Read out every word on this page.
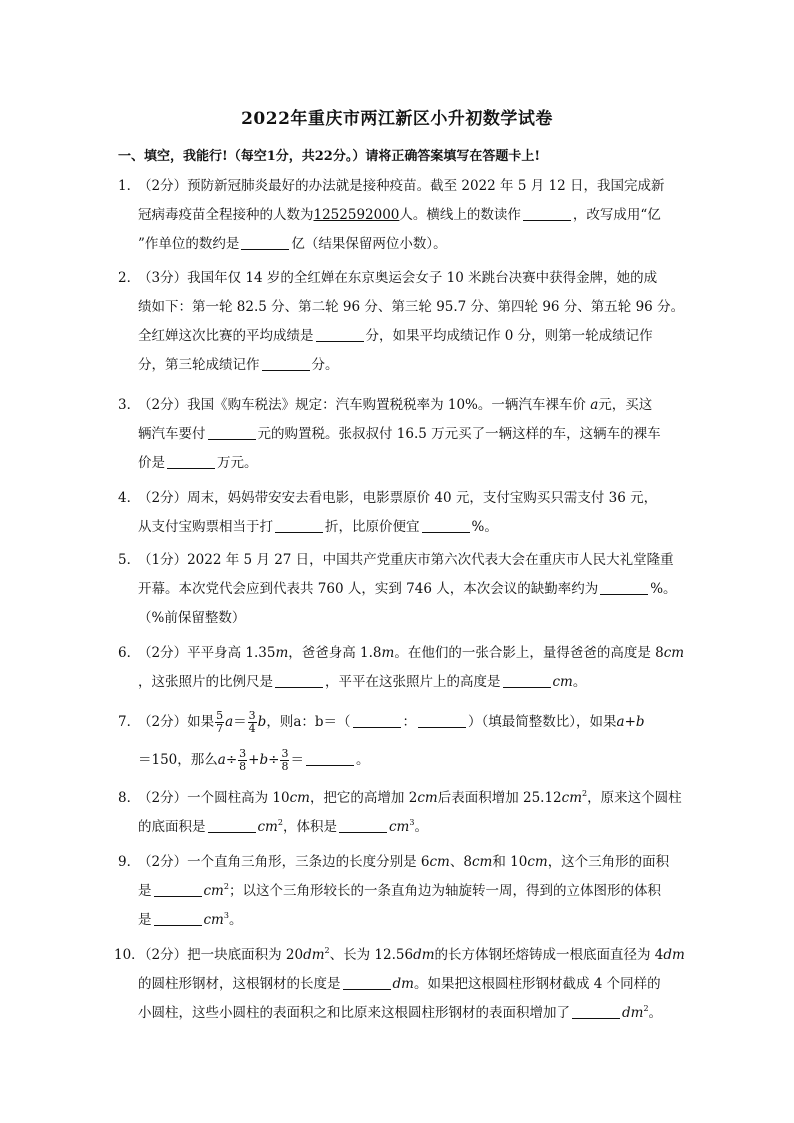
2022年重庆市两江新区小升初数学试卷
一、填空，我能行!（每空1分，共22分。）请将正确答案填写在答题卡上!
1．
（2分）预防新冠肺炎最好的办法就是接种疫苗。截至 2022 年 5 月 12 日，我国完成新
冠病毒疫苗全程接种的人数为1252592000人。横线上的数读作	，改写成用“亿
”作单位的数约是	亿（结果保留两位小数）。
2．
（3分）我国年仅 14 岁的全红婵在东京奥运会女子 10 米跳台决赛中获得金牌，她的成
绩如下：第一轮 82.5 分、第二轮 96 分、第三轮 95.7 分、第四轮 96 分、第五轮 96 分。
全红婵这次比赛的平均成绩是	分，如果平均成绩记作 0 分，则第一轮成绩记作
分，第三轮成绩记作	分。
3．
（2分）我国《购车税法》规定：汽车购置税税率为 10%。一辆汽车裸车价 a元，买这
辆汽车要付	元的购置税。张叔叔付 16.5 万元买了一辆这样的车，这辆车的裸车
价是	万元。
4．
（2分）周末，妈妈带安安去看电影，电影票原价 40 元，支付宝购买只需支付 36 元，
从支付宝购票相当于打	折，比原价便宜	%。
5．
（1分）2022 年 5 月 27 日，中国共产党重庆市第六次代表大会在重庆市人民大礼堂隆重
开幕。本次党代会应到代表共 760 人，实到 746 人，本次会议的缺勤率约为	%。
（%前保留整数）
6．
（2分）平平身高 1.35m，爸爸身高 1.8m。在他们的一张合影上，量得爸爸的高度是 8cm
，这张照片的比例尺是	，平平在这张照片上的高度是	cm。
7．
（2分）如果 $\frac{5}{7} a= \frac{3}{4}$ b，则a：b＝（	：	）（填最简整数比），如果a+b
＝150，那么$a\div \frac{3}{8} +b\div \frac{3}{8}$ ＝	。
8．
（2分）一个圆柱高为 10cm，把它的高增加 2cm后表面积增加 $25.12cm^2$，原来这个圆柱
的底面积是	$cm^2$，体积是	$cm^3$。
9．
（2分）一个直角三角形，三条边的长度分别是 6cm、8cm和 10cm，这个三角形的面积
是	$cm^2$；以这个三角形较长的一条直角边为轴旋转一周，得到的立体图形的体积
是	$cm^3$。
10．
（2分）把一块底面积为 $20dm^2$、长为 12.56dm的长方体钢坯熔铸成一根底面直径为 4dm
的圆柱形钢材，这根钢材的长度是	dm。如果把这根圆柱形钢材截成 4 个同样的
小圆柱，这些小圆柱的表面积之和比原来这根圆柱形钢材的表面积增加了	$dm^2$。
